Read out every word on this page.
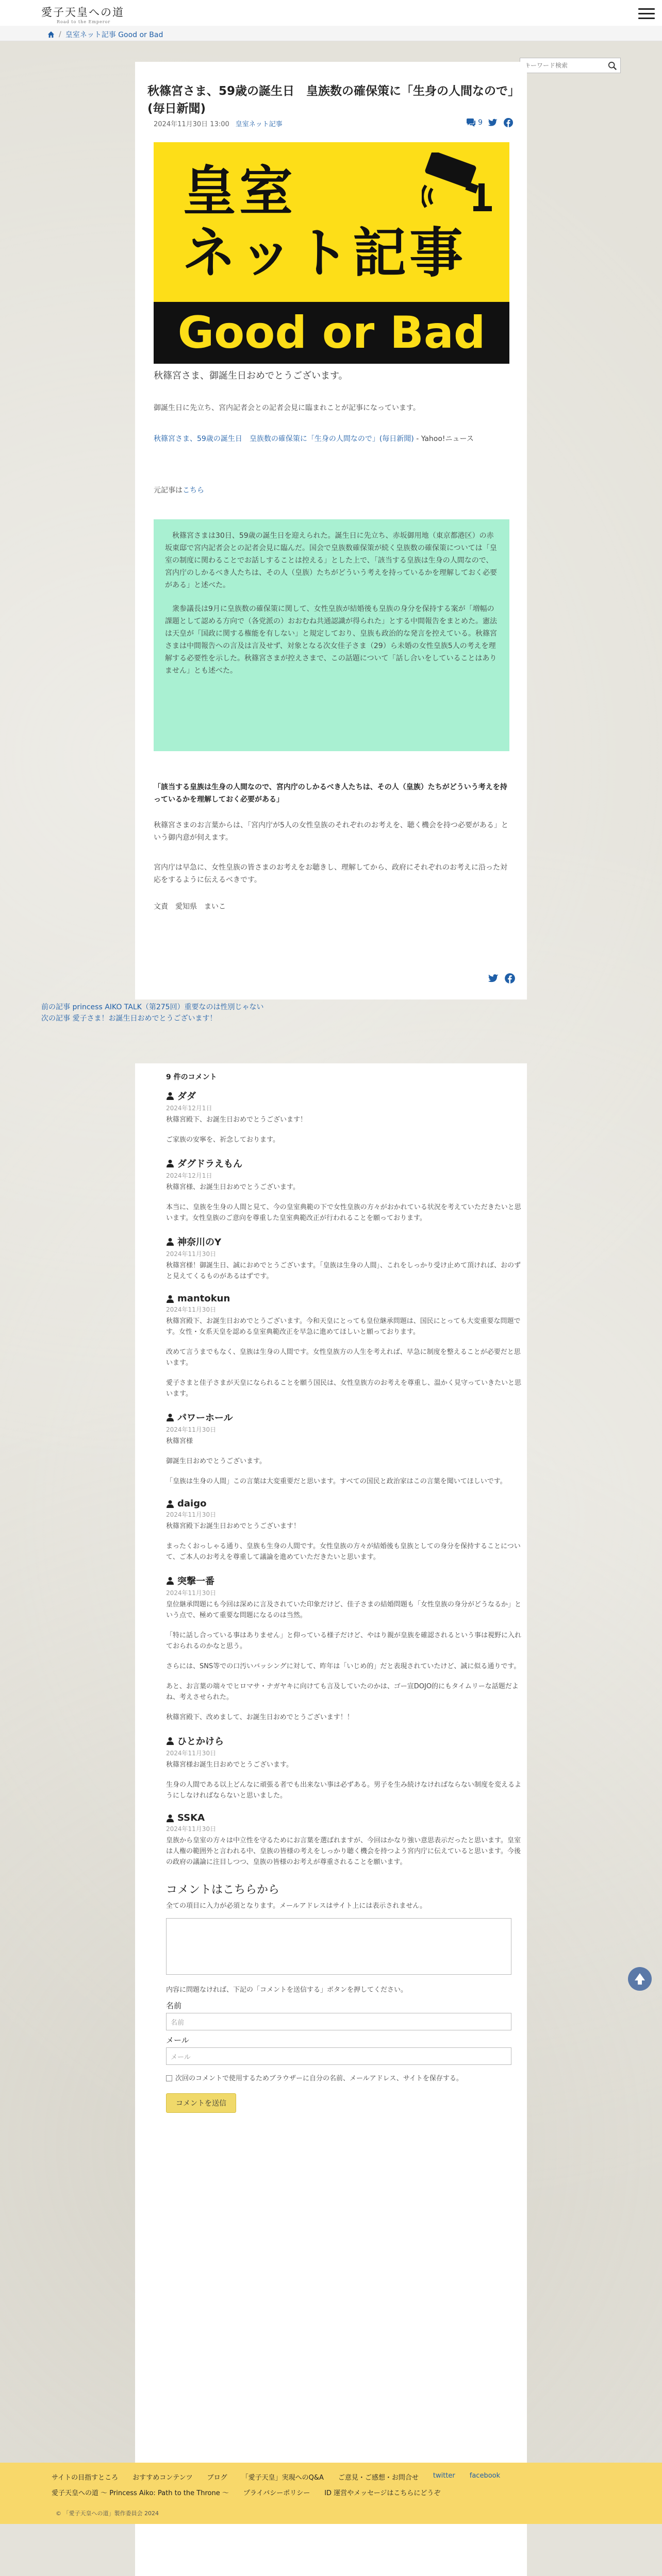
愛子天皇への道
Road to the Emperor
/ 皇室ネット記事 Good or Bad
キーワード検索
秋篠宮さま、59歳の誕生日　皇族数の確保策に「生身の人間なので」(毎日新聞)
2024年11月30日 13:00 皇室ネット記事	9
皇室
ネット記事
Good or Bad

秋篠宮さま、御誕生日おめでとうございます。

御誕生日に先立ち、宮内記者会との記者会見に臨まれことが記事になっています。

秋篠宮さま、59歳の誕生日　皇族数の確保策に「生身の人間なので」(毎日新聞) - Yahoo!ニュース

元記事はこちら

秋篠宮さまは30日、59歳の誕生日を迎えられた。誕生日に先立ち、赤坂御用地（東京都港区）の赤坂東邸で宮内記者会との記者会見に臨んだ。国会で皇族数確保策が続く皇族数の確保策については「皇室の制度に関わることでお話しすることは控える」とした上で、「該当する皇族は生身の人間なので、宮内庁のしかるべき人たちは、その人（皇族）たちがどういう考えを持っているかを理解しておく必要がある」と述べた。

衆参議長は9月に皇族数の確保策に関して、女性皇族が結婚後も皇族の身分を保持する案が「増幅の課題として認める方向で（各党派の）おおむね共通認識が得られた」とする中間報告をまとめた。憲法は天皇が「国政に関する権能を有しない」と規定しており、皇族も政治的な発言を控えている。秋篠宮さまは中間報告への言及は言及せず、対象となる次女佳子さま（29）ら未婚の女性皇族5人の考えを理解する必要性を示した。秋篠宮さまが控えさまで、この話題について「話し合いをしていることはありません」とも述べた。

「該当する皇族は生身の人間なので、宮内庁のしかるべき人たちは、その人（皇族）たちがどういう考えを持っているかを理解しておく必要がある」

秋篠宮さまのお言葉からは、「宮内庁が5人の女性皇族のそれぞれのお考えを、聴く機会を持つ必要がある」という御内意が伺えます。

宮内庁は早急に、女性皇族の皆さまのお考えをお聴きし、理解してから、政府にそれぞれのお考えに沿った対応をするように伝えるべきです。

文責　愛知県　まいこ

前の記事 princess AIKO TALK（第275回）重要なのは性別じゃない
次の記事 愛子さま！お誕生日おめでとうございます！
9 件のコメント
ダダ
2024年12月1日

秋篠宮殿下、お誕生日おめでとうございます！

ご家族の安寧を、祈念しております。

ダグドラえもん
2024年12月1日

秋篠宮様、お誕生日おめでとうございます。

本当に、皇族を生身の人間と見て、今の皇室典範の下で女性皇族の方々がおかれている状況を考えていただきたいと思います。女性皇族のご意向を尊重した皇室典範改正が行われることを願っております。

神奈川のY
2024年11月30日

秋篠宮様！御誕生日、誠におめでとうございます。「皇族は生身の人間」、これをしっかり受け止めて頂ければ、おのずと見えてくるものがあるはずです。

mantokun
2024年11月30日

秋篠宮殿下、お誕生日おめでとうございます。今和天皇にとっても皇位継承問題は、国民にとっても大変重要な問題です。女性・女系天皇を認める皇室典範改正を早急に進めてほしいと願っております。

改めて言うまでもなく、皇族は生身の人間です。女性皇族方の人生を考えれば、早急に制度を整えることが必要だと思います。

愛子さまと佳子さまが天皇になられることを願う国民は、女性皇族方のお考えを尊重し、温かく見守っていきたいと思います。

パワーホール
2024年11月30日

秋篠宮様

御誕生日おめでとうございます。

「皇族は生身の人間」この言葉は大変重要だと思います。すべての国民と政治家はこの言葉を聞いてほしいです。

daigo
2024年11月30日

秋篠宮殿下お誕生日おめでとうございます！

まったくおっしゃる通り、皇族も生身の人間です。女性皇族の方々が結婚後も皇族としての身分を保持することについて、ご本人のお考えを尊重して議論を進めていただきたいと思います。

突撃一番
2024年11月30日

皇位継承問題にも今回は深めに言及されていた印象だけど、佳子さまの結婚問題も「女性皇族の身分がどうなるか」という点で、極めて重要な問題になるのは当然。

「特に話し合っている事はありません」と仰っている様子だけど、やはり親が皇族を確認されるという事は視野に入れておられるのかなと思う。

さらには、SNS等での口汚いバッシングに対して、昨年は「いじめ的」だと表現されていたけど、誠に似る通りです。

あと、お言葉の端々でヒロマサ・ナガヤキに向けても言及していたのかは、ゴー宣DOJO的にもタイムリーな話題だよね、考えさせられた。

秋篠宮殿下、改めまして、お誕生日おめでとうございます！！

ひとかけら
2024年11月30日

秋篠宮様お誕生日おめでとうございます。

生身の人間である以上どんなに頑張る者でも出来ない事は必ずある。男子を生み続けなければならない制度を変えるようにしなければならないと思いました。

SSKA
2024年11月30日

皇族から皇室の方々は中立性を守るためにお言葉を選ばれますが、今回はかなり強い意思表示だったと思います。皇室は人権の範囲外と言われる中、皇族の皆様の考えをしっかり聴く機会を持つよう宮内庁に伝えていると思います。今後の政府の議論に注目しつつ、皇族の皆様のお考えが尊重されることを願います。

コメントはこちらから
全ての項目に入力が必須となります。メールアドレスはサイト上には表示されません。
内容に問題なければ、下記の「コメントを送信する」ボタンを押してください。
名前
名前
メール
メール
次回のコメントで使用するためブラウザーに自分の名前、メールアドレス、サイトを保存する。
コメントを送信
サイトの目指すところ おすすめコンテンツ ブログ 「愛子天皇」実現へのQ&A ご意見・ご感想・お問合せ twitter facebook
愛子天皇への道 ～ Princess Aiko: Path to the Throne ～ プライバシーポリシー ID 運営やメッセージはこちらにどうぞ
© 「愛子天皇への道」製作委員会 2024
